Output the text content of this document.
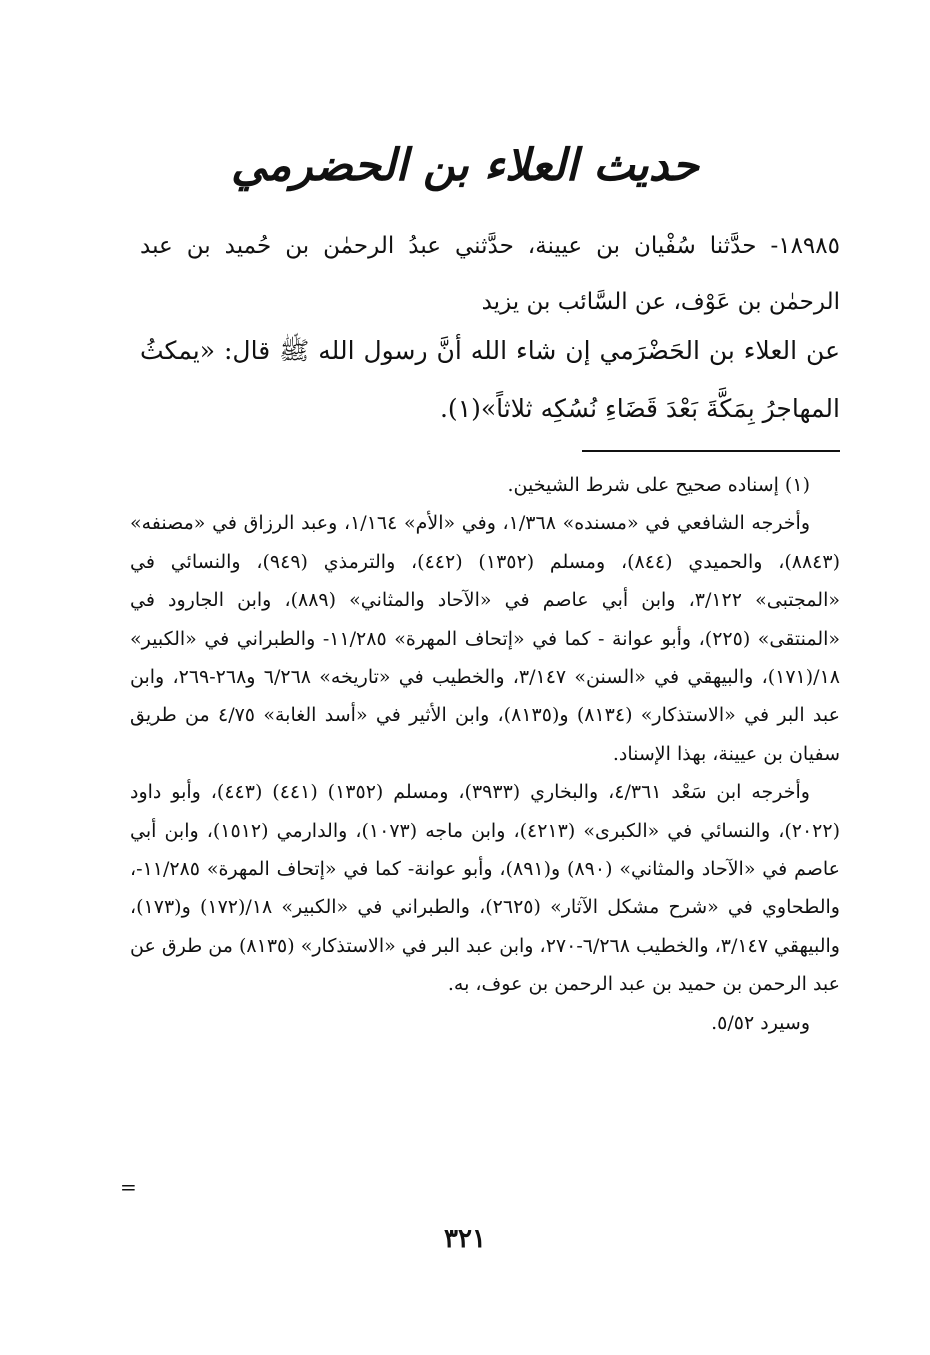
حديث العلاء بن الحضرمي
١٨٩٨٥- حدَّثنا سُفْيان بن عيينة، حدَّثني عبدُ الرحمٰن بن حُميد بن عبد الرحمٰن بن عَوْف، عن السَّائب بن يزيد
عن العلاء بن الحَضْرَمي إن شاء الله أنَّ رسول الله ﷺ قال: «يمكثُ المهاجرُ بِمَكَّةَ بَعْدَ قَضَاءِ نُسُكِه ثلاثاً»(١).

(١) إسناده صحيح على شرط الشيخين.

وأخرجه الشافعي في «مسنده» ١/٣٦٨، وفي «الأم» ١/١٦٤، وعبد الرزاق في «مصنفه» (٨٨٤٣)، والحميدي (٨٤٤)، ومسلم (١٣٥٢) (٤٤٢)، والترمذي (٩٤٩)، والنسائي في «المجتبى» ٣/١٢٢، وابن أبي عاصم في «الآحاد والمثاني» (٨٨٩)، وابن الجارود في «المنتقى» (٢٢٥)، وأبو عوانة - كما في «إتحاف المهرة» ١١/٢٨٥- والطبراني في «الكبير» ١٨/(١٧١)، والبيهقي في «السنن» ٣/١٤٧، والخطيب في «تاريخه» ٦/٢٦٨ و٢٦٨-٢٦٩، وابن عبد البر في «الاستذكار» (٨١٣٤) و(٨١٣٥)، وابن الأثير في «أسد الغابة» ٤/٧٥ من طريق سفيان بن عيينة، بهذا الإسناد.

وأخرجه ابن سَعْد ٤/٣٦١، والبخاري (٣٩٣٣)، ومسلم (١٣٥٢) (٤٤١) (٤٤٣)، وأبو داود (٢٠٢٢)، والنسائي في «الكبرى» (٤٢١٣)، وابن ماجه (١٠٧٣)، والدارمي (١٥١٢)، وابن أبي عاصم في «الآحاد والمثاني» (٨٩٠) و(٨٩١)، وأبو عوانة- كما في «إتحاف المهرة» ١١/٢٨٥-، والطحاوي في «شرح مشكل الآثار» (٢٦٢٥)، والطبراني في «الكبير» ١٨/(١٧٢) و(١٧٣)، والبيهقي ٣/١٤٧، والخطيب ٦/٢٦٨-٢٧٠، وابن عبد البر في «الاستذكار» (٨١٣٥) من طرق عن عبد الرحمن بن حميد بن عبد الرحمن بن عوف، به.

وسيرد ٥/٥٢.

=
٣٢١
